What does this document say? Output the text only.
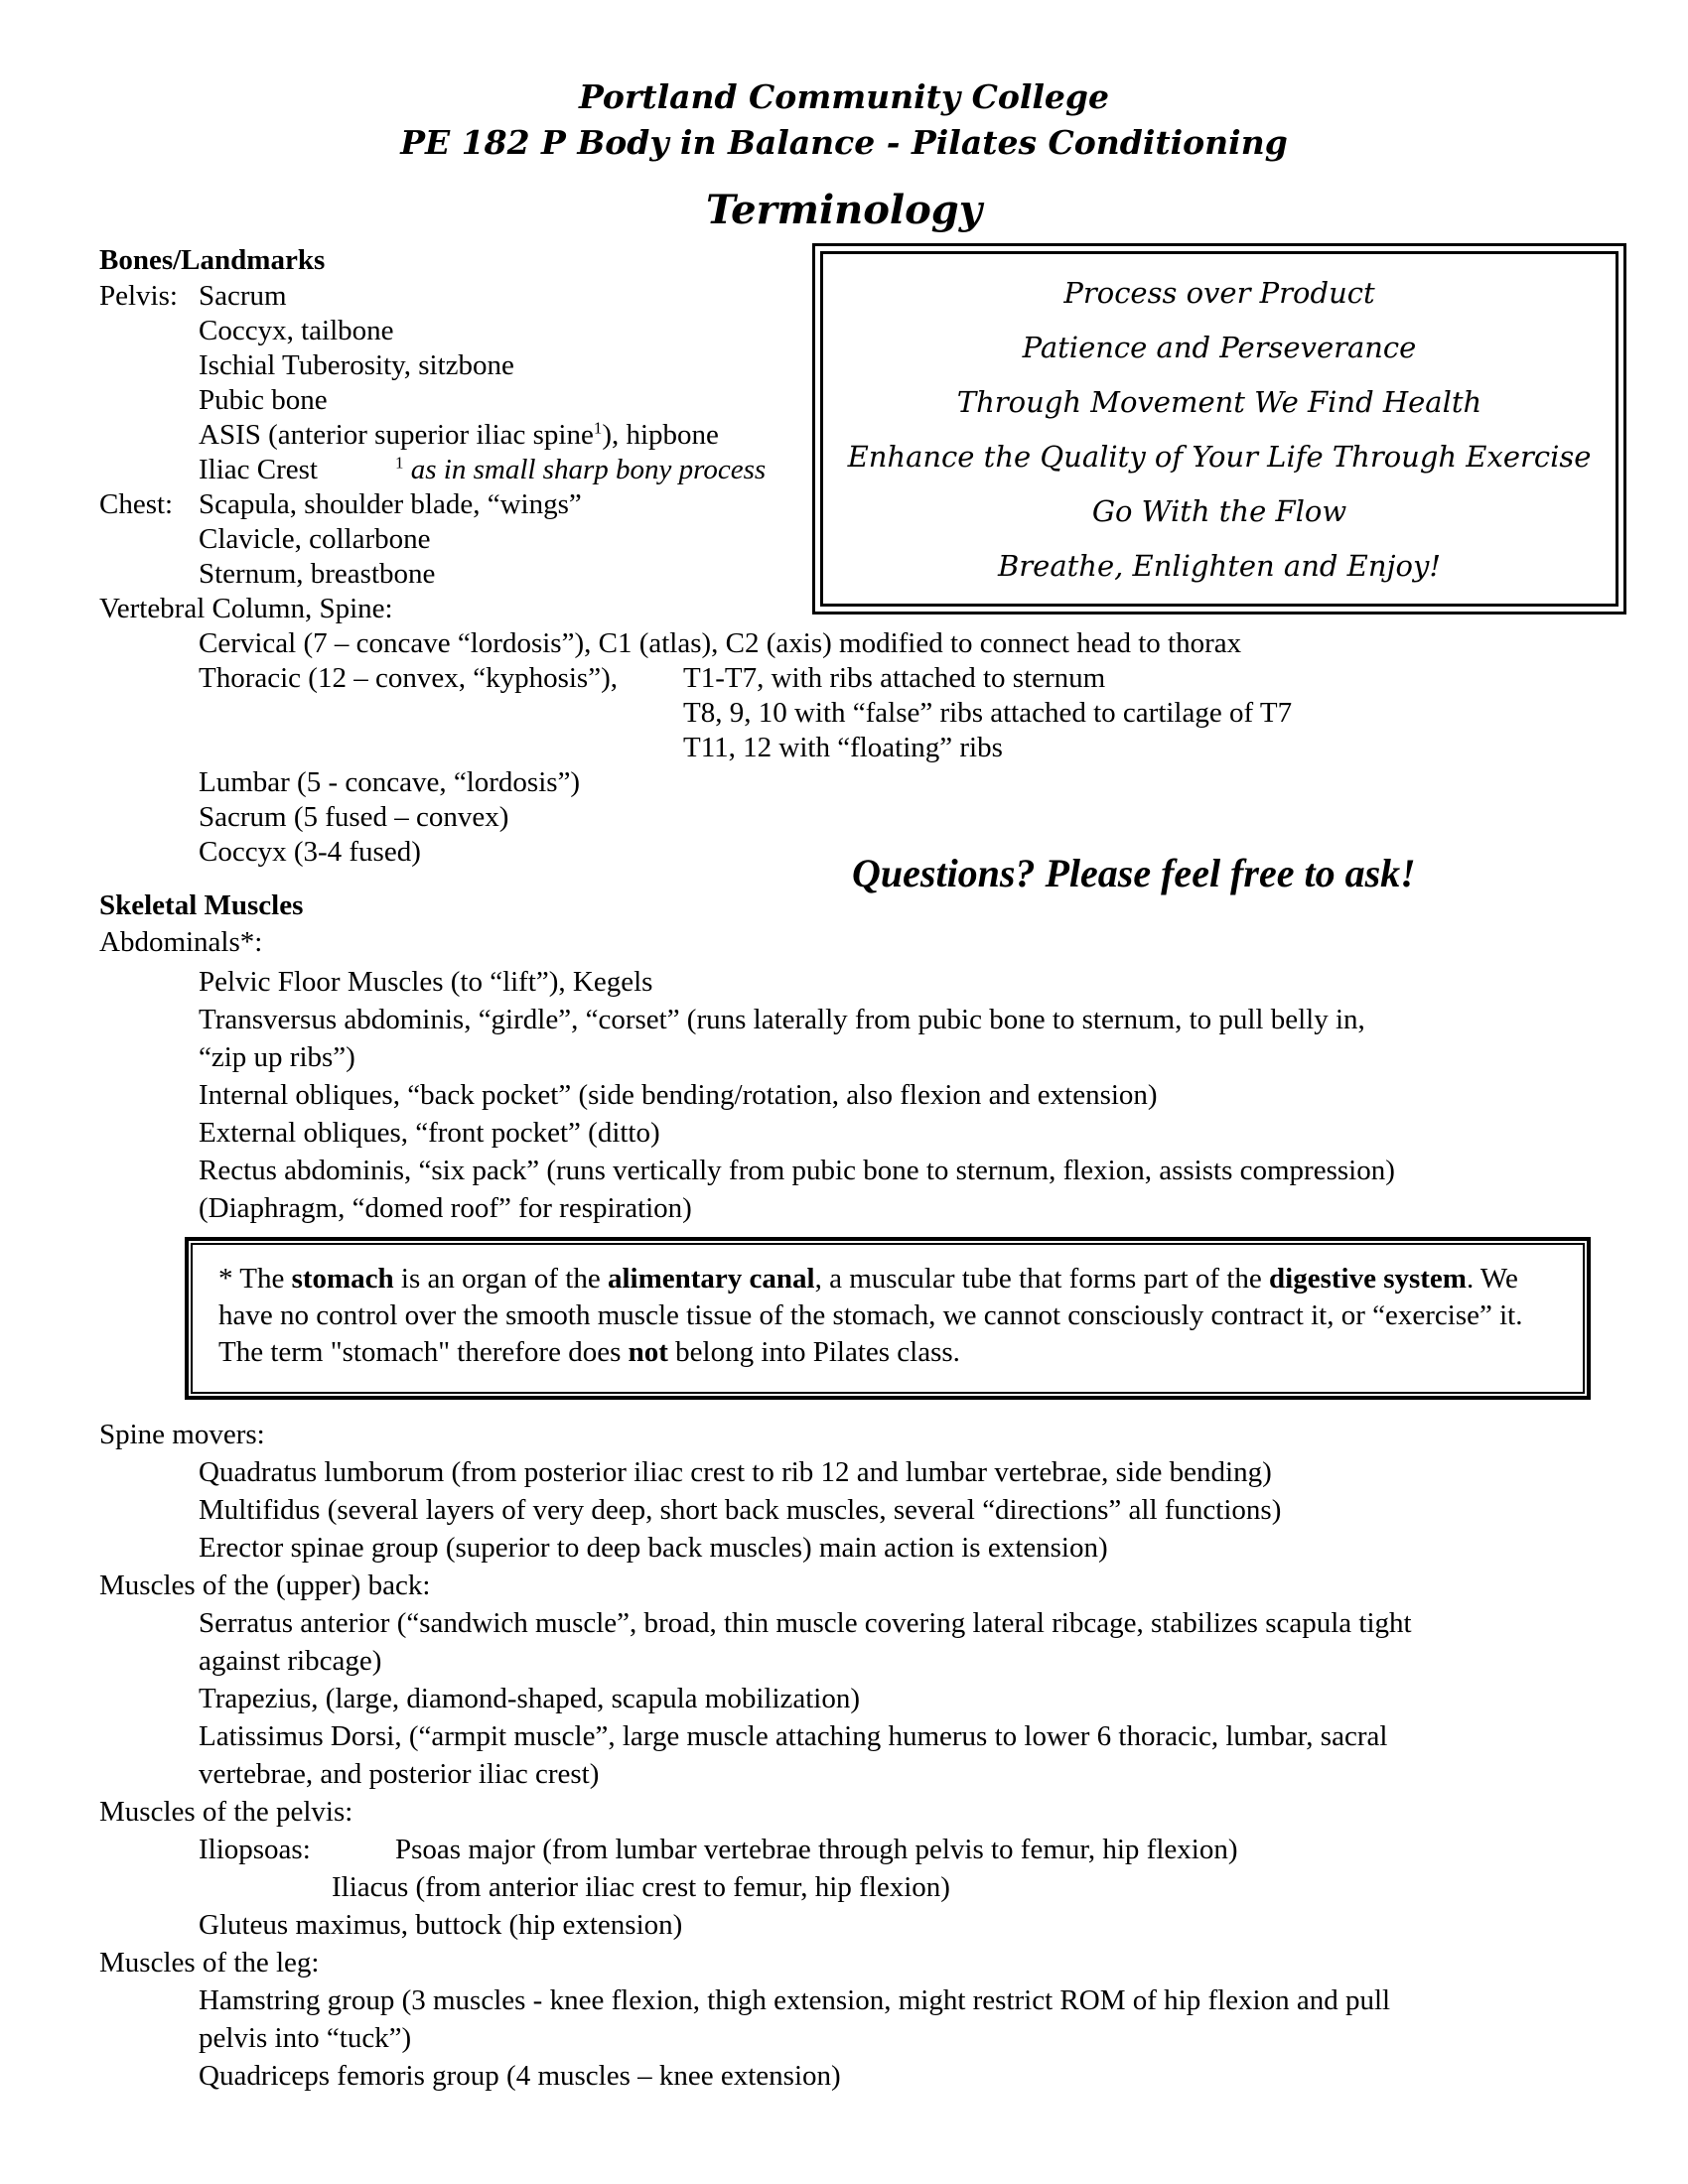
Portland Community College
PE 182 P Body in Balance - Pilates Conditioning
Terminology
Process over Product
Patience and Perseverance
Through Movement We Find Health
Enhance the Quality of Your Life Through Exercise
Go With the Flow
Breathe, Enlighten and Enjoy!
Bones/Landmarks
Pelvis: Sacrum
Coccyx, tailbone
Ischial Tuberosity, sitzbone
Pubic bone
ASIS (anterior superior iliac spine$^1$), hipbone
Iliac Crest	$^1$ as in small sharp bony process
Chest: Scapula, shoulder blade, “wings”
Clavicle, collarbone
Sternum, breastbone
Vertebral Column, Spine:
Cervical (7 – concave “lordosis”), C1 (atlas), C2 (axis) modified to connect head to thorax
Thoracic (12 – convex, “kyphosis”), T1-T7, with ribs attached to sternum
T8, 9, 10 with “false” ribs attached to cartilage of T7
T11, 12 with “floating” ribs
Lumbar (5 - concave, “lordosis”)
Sacrum (5 fused – convex)
Coccyx (3-4 fused)	Questions? Please feel free to ask!
Skeletal Muscles
Abdominals*:
Pelvic Floor Muscles (to “lift”), Kegels
Transversus abdominis, “girdle”, “corset” (runs laterally from pubic bone to sternum, to pull belly in,
“zip up ribs”)
Internal obliques, “back pocket” (side bending/rotation, also flexion and extension)
External obliques, “front pocket” (ditto)
Rectus abdominis, “six pack” (runs vertically from pubic bone to sternum, flexion, assists compression)
(Diaphragm, “domed roof” for respiration)
* The stomach is an organ of the alimentary canal, a muscular tube that forms part of the digestive system. We have no control over the smooth muscle tissue of the stomach, we cannot consciously contract it, or “exercise” it. The term "stomach" therefore does not belong into Pilates class.
Spine movers:
Quadratus lumborum (from posterior iliac crest to rib 12 and lumbar vertebrae, side bending)
Multifidus (several layers of very deep, short back muscles, several “directions” all functions)
Erector spinae group (superior to deep back muscles) main action is extension)
Muscles of the (upper) back:
Serratus anterior (“sandwich muscle”, broad, thin muscle covering lateral ribcage, stabilizes scapula tight
against ribcage)
Trapezius, (large, diamond-shaped, scapula mobilization)
Latissimus Dorsi, (“armpit muscle”, large muscle attaching humerus to lower 6 thoracic, lumbar, sacral
vertebrae, and posterior iliac crest)
Muscles of the pelvis:
Iliopsoas:	Psoas major (from lumbar vertebrae through pelvis to femur, hip flexion)
Iliacus (from anterior iliac crest to femur, hip flexion)
Gluteus maximus, buttock (hip extension)
Muscles of the leg:
Hamstring group (3 muscles - knee flexion, thigh extension, might restrict ROM of hip flexion and pull
pelvis into “tuck”)
Quadriceps femoris group (4 muscles – knee extension)
